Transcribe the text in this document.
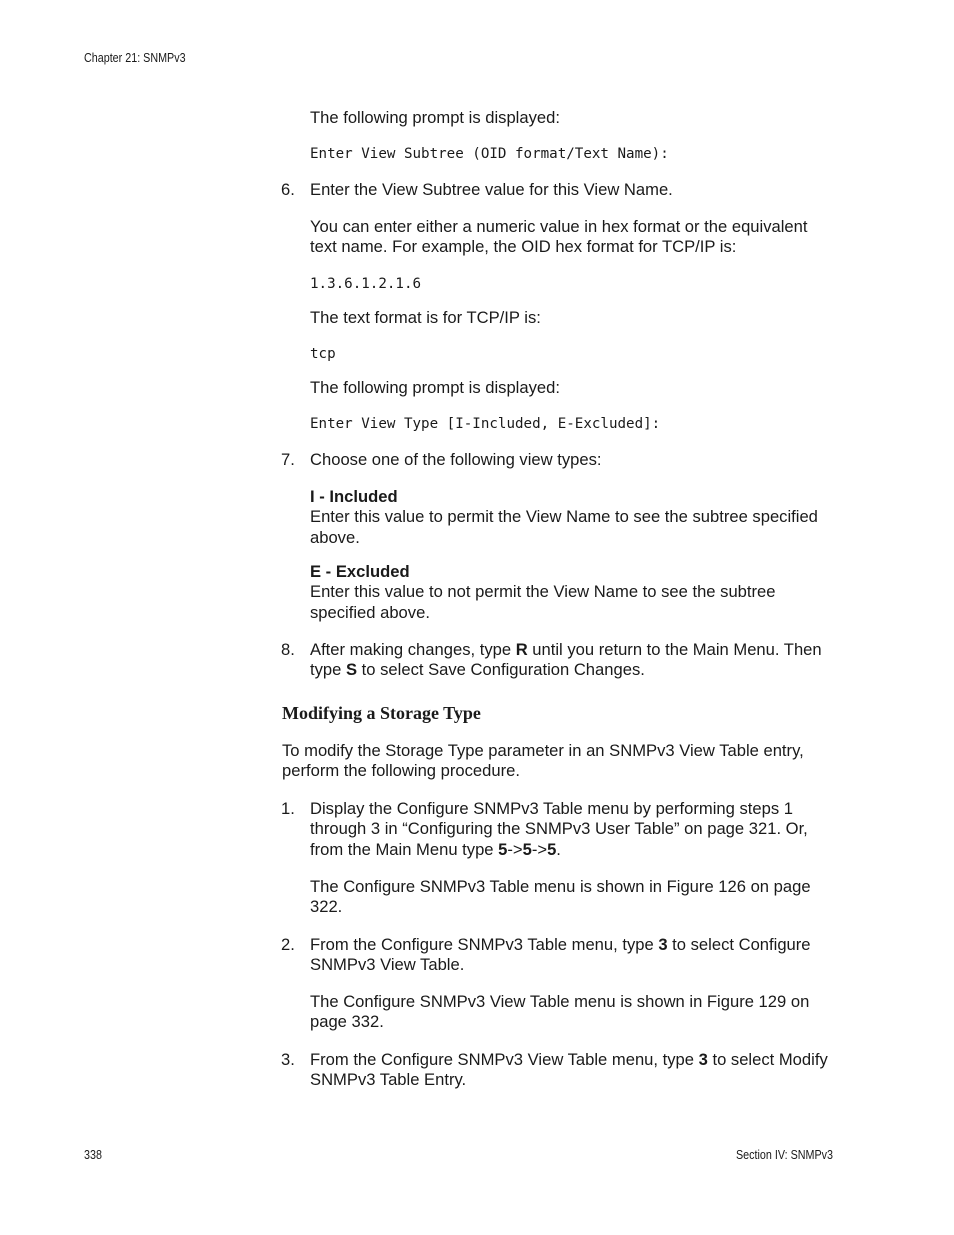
Chapter 21: SNMPv3
The following prompt is displayed:
Enter View Subtree (OID format/Text Name):
6. Enter the View Subtree value for this View Name.
You can enter either a numeric value in hex format or the equivalent
text name. For example, the OID hex format for TCP/IP is:
1.3.6.1.2.1.6
The text format is for TCP/IP is:
tcp
The following prompt is displayed:
Enter View Type [I-Included, E-Excluded]:
7. Choose one of the following view types:
I - Included
Enter this value to permit the View Name to see the subtree specified
above.
E - Excluded
Enter this value to not permit the View Name to see the subtree
specified above.
8. After making changes, type R until you return to the Main Menu. Then
type S to select Save Configuration Changes.
Modifying a Storage Type
To modify the Storage Type parameter in an SNMPv3 View Table entry,
perform the following procedure.
1. Display the Configure SNMPv3 Table menu by performing steps 1
through 3 in “Configuring the SNMPv3 User Table” on page 321. Or,
from the Main Menu type 5->5->5.
The Configure SNMPv3 Table menu is shown in Figure 126 on page
322.
2. From the Configure SNMPv3 Table menu, type 3 to select Configure
SNMPv3 View Table.
The Configure SNMPv3 View Table menu is shown in Figure 129 on
page 332.
3. From the Configure SNMPv3 View Table menu, type 3 to select Modify
SNMPv3 Table Entry.
338	Section IV: SNMPv3
